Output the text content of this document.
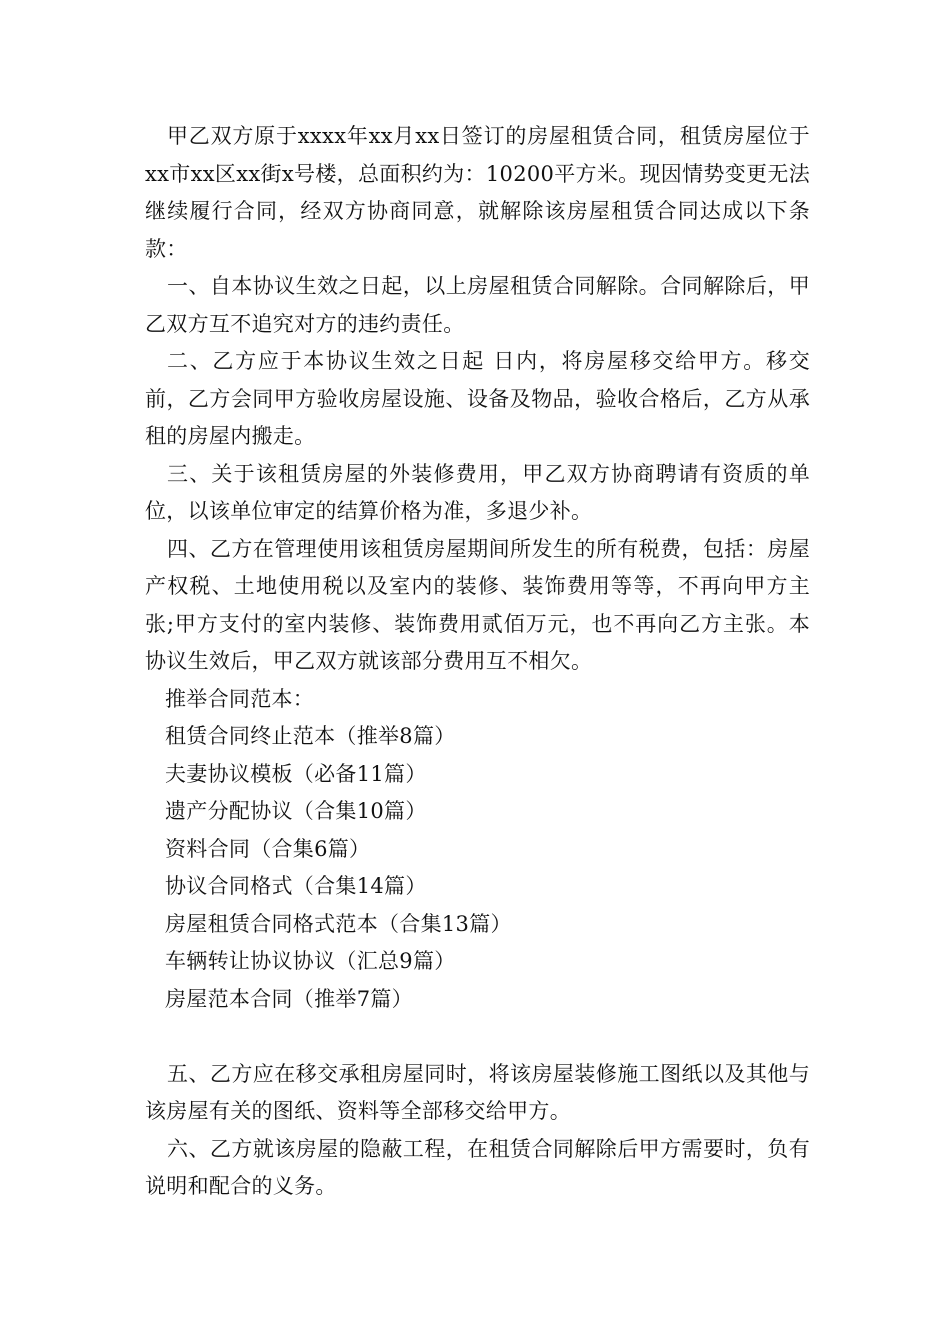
甲乙双方原于xxxx年xx月xx日签订的房屋租赁合同，租赁房屋位于xx市xx区xx街x号楼，总面积约为：10200平方米。现因情势变更无法继续履行合同，经双方协商同意，就解除该房屋租赁合同达成以下条款：

一、自本协议生效之日起，以上房屋租赁合同解除。合同解除后，甲乙双方互不追究对方的违约责任。

二、乙方应于本协议生效之日起 日内，将房屋移交给甲方。移交前，乙方会同甲方验收房屋设施、设备及物品，验收合格后，乙方从承租的房屋内搬走。

三、关于该租赁房屋的外装修费用，甲乙双方协商聘请有资质的单位，以该单位审定的结算价格为准，多退少补。

四、乙方在管理使用该租赁房屋期间所发生的所有税费，包括：房屋产权税、土地使用税以及室内的装修、装饰费用等等，不再向甲方主张;甲方支付的室内装修、装饰费用贰佰万元，也不再向乙方主张。本协议生效后，甲乙双方就该部分费用互不相欠。

推举合同范本：

租赁合同终止范本（推举8篇）

夫妻协议模板（必备11篇）

遗产分配协议（合集10篇）

资料合同（合集6篇）

协议合同格式（合集14篇）

房屋租赁合同格式范本（合集13篇）

车辆转让协议协议（汇总9篇）

房屋范本合同（推举7篇）

五、乙方应在移交承租房屋同时，将该房屋装修施工图纸以及其他与该房屋有关的图纸、资料等全部移交给甲方。

六、乙方就该房屋的隐蔽工程，在租赁合同解除后甲方需要时，负有说明和配合的义务。
